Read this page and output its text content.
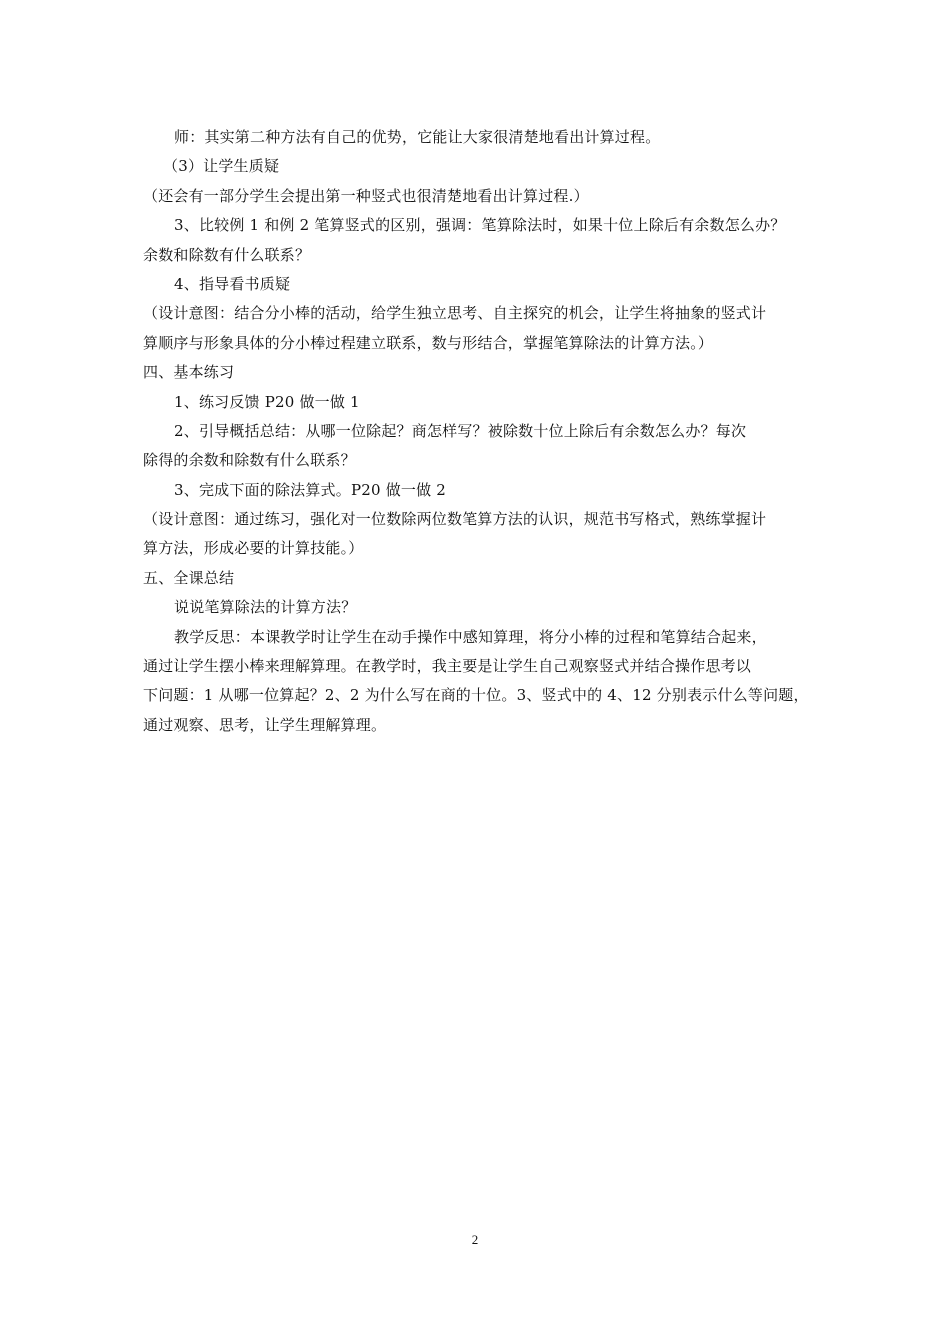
师：其实第二种方法有自己的优势，它能让大家很清楚地看出计算过程。
（3）让学生质疑
（还会有一部分学生会提出第一种竖式也很清楚地看出计算过程.）
3、比较例 1 和例 2 笔算竖式的区别，强调：笔算除法时，如果十位上除后有余数怎么办？
余数和除数有什么联系？
4、指导看书质疑
（设计意图：结合分小棒的活动，给学生独立思考、自主探究的机会，让学生将抽象的竖式计
算顺序与形象具体的分小棒过程建立联系，数与形结合，掌握笔算除法的计算方法。）
四、基本练习
1、练习反馈 P20 做一做 1
2、引导概括总结：从哪一位除起？商怎样写？被除数十位上除后有余数怎么办？每次
除得的余数和除数有什么联系？
3、完成下面的除法算式。P20 做一做 2
（设计意图：通过练习，强化对一位数除两位数笔算方法的认识，规范书写格式，熟练掌握计
算方法，形成必要的计算技能。）
五、全课总结
说说笔算除法的计算方法？
教学反思：本课教学时让学生在动手操作中感知算理，将分小棒的过程和笔算结合起来，
通过让学生摆小棒来理解算理。在教学时，我主要是让学生自己观察竖式并结合操作思考以
下问题：1 从哪一位算起？2、2 为什么写在商的十位。3、竖式中的 4、12 分别表示什么等问题，
通过观察、思考，让学生理解算理。
2
